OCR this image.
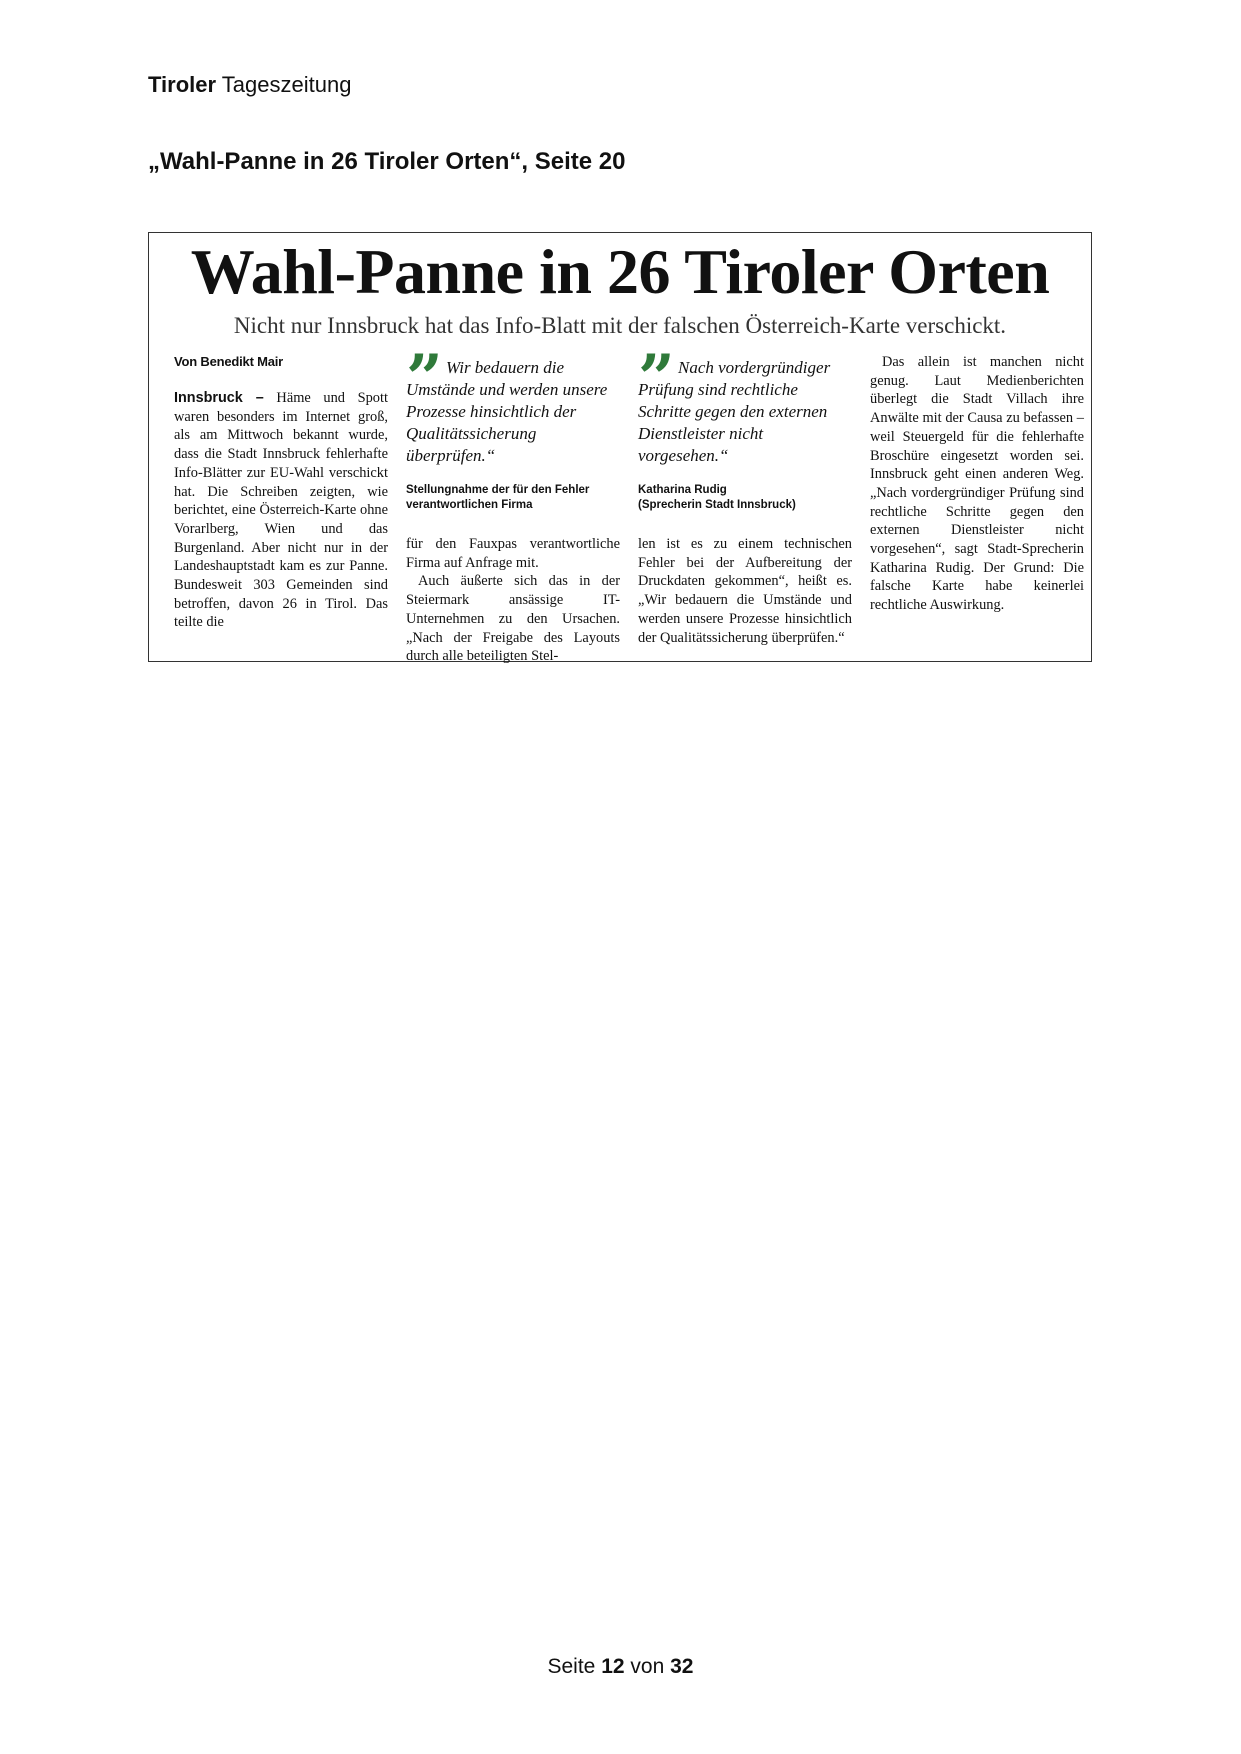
Tiroler Tageszeitung
„Wahl-Panne in 26 Tiroler Orten“, Seite 20
Wahl-Panne in 26 Tiroler Orten
Nicht nur Innsbruck hat das Info-Blatt mit der falschen Österreich-Karte verschickt.
Von Benedikt Mair

Innsbruck – Häme und Spott waren besonders im Internet groß, als am Mittwoch bekannt wurde, dass die Stadt Innsbruck fehlerhafte Info-Blätter zur EU-Wahl verschickt hat. Die Schreiben zeigten, wie berichtet, eine Österreich-Karte ohne Vorarlberg, Wien und das Burgenland. Aber nicht nur in der Landeshauptstadt kam es zur Panne. Bundesweit 303 Gemeinden sind betroffen, davon 26 in Tirol. Das teilte die

” Wir bedauern die Umstände und werden unsere Prozesse hinsichtlich der Qualitätssicherung überprüfen.“
Stellungnahme der für den Fehler verantwortlichen Firma

für den Fauxpas verantwortliche Firma auf Anfrage mit.

Auch äußerte sich das in der Steiermark ansässige IT-Unternehmen zu den Ursachen. „Nach der Freigabe des Layouts durch alle beteiligten Stel-

” Nach vordergründiger Prüfung sind rechtliche Schritte gegen den externen Dienstleister nicht vorgesehen.“
Katharina Rudig
(Sprecherin Stadt Innsbruck)

len ist es zu einem technischen Fehler bei der Aufbereitung der Druckdaten gekommen“, heißt es. „Wir bedauern die Umstände und werden unsere Prozesse hinsichtlich der Qualitätssicherung überprüfen.“

Das allein ist manchen nicht genug. Laut Medienberichten überlegt die Stadt Villach ihre Anwälte mit der Causa zu befassen – weil Steuergeld für die fehlerhafte Broschüre eingesetzt worden sei. Innsbruck geht einen anderen Weg. „Nach vordergründiger Prüfung sind rechtliche Schritte gegen den externen Dienstleister nicht vorgesehen“, sagt Stadt-Sprecherin Katharina Rudig. Der Grund: Die falsche Karte habe keinerlei rechtliche Auswirkung.

Seite 12 von 32
